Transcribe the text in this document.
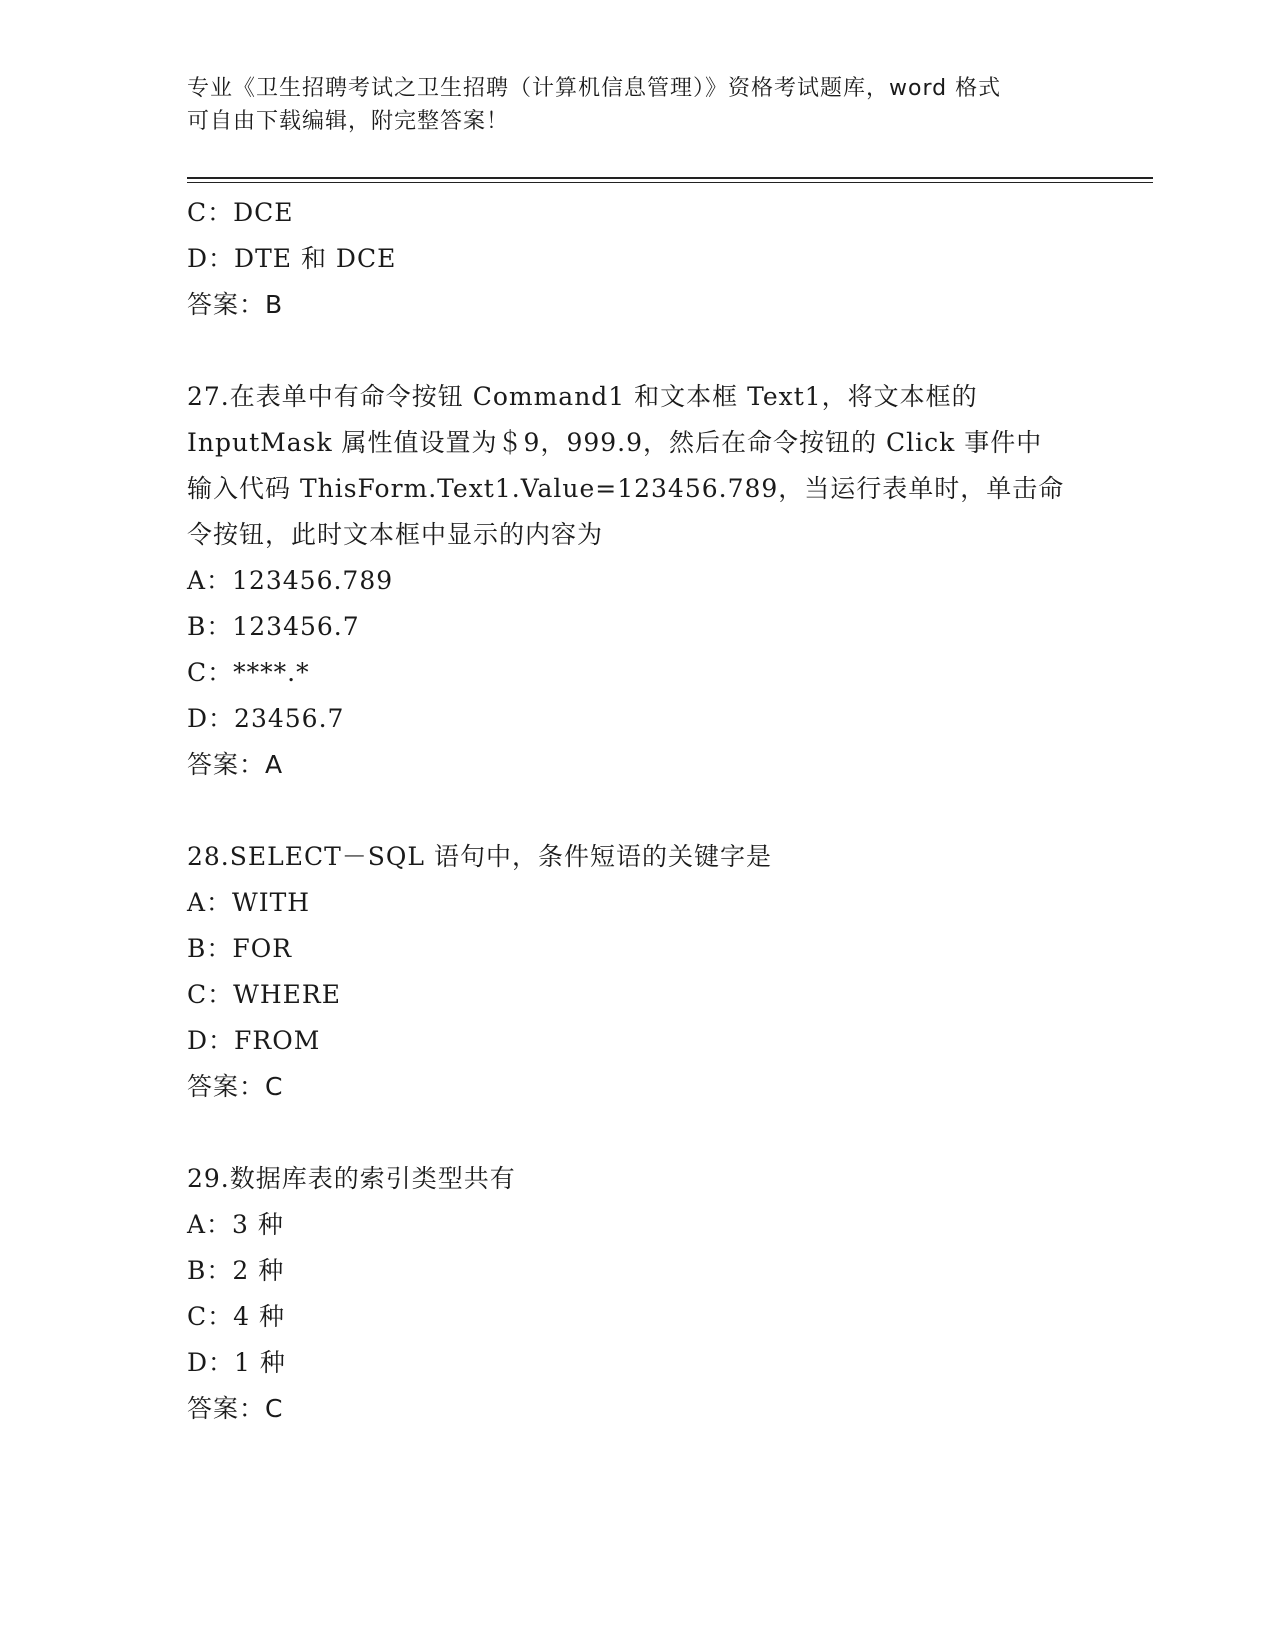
专业《卫生招聘考试之卫生招聘（计算机信息管理）》资格考试题库，word 格式
可自由下载编辑，附完整答案！
C：DCE
D：DTE 和 DCE
答案：B
27.在表单中有命令按钮 Command1 和文本框 Text1，将文本框的
InputMask 属性值设置为＄9，999.9，然后在命令按钮的 Click 事件中
输入代码 ThisForm.Text1.Value=123456.789，当运行表单时，单击命
令按钮，此时文本框中显示的内容为
A：123456.789
B：123456.7
C：****.*
D：23456.7
答案：A
28.SELECT－SQL 语句中，条件短语的关键字是
A：WITH
B：FOR
C：WHERE
D：FROM
答案：C
29.数据库表的索引类型共有
A：3 种
B：2 种
C：4 种
D：1 种
答案：C
